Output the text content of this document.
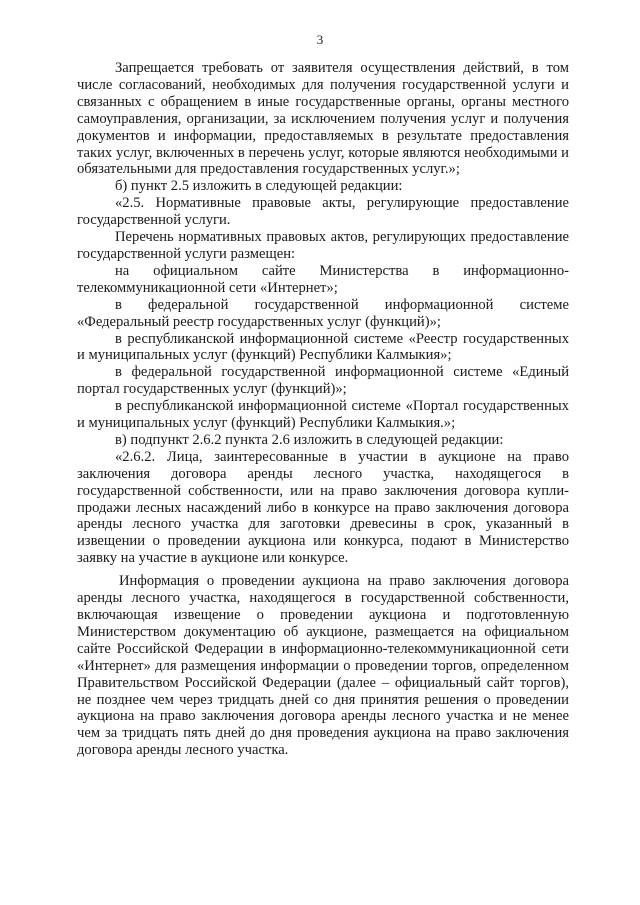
3

Запрещается требовать от заявителя осуществления действий, в том числе согласований, необходимых для получения государственной услуги и связанных с обращением в иные государственные органы, органы местного самоуправления, организации, за исключением получения услуг и получения документов и информации, предоставляемых в результате предоставления таких услуг, включенных в перечень услуг, которые являются необходимыми и обязательными для предоставления государственных услуг.»;

б) пункт 2.5 изложить в следующей редакции:

«2.5. Нормативные правовые акты, регулирующие предоставление государственной услуги.

Перечень нормативных правовых актов, регулирующих предоставление государственной услуги размещен:

на официальном сайте Министерства в информационно-телекоммуникационной сети «Интернет»;

в федеральной государственной информационной системе «Федеральный реестр государственных услуг (функций)»;

в республиканской информационной системе «Реестр государственных и муниципальных услуг (функций) Республики Калмыкия»;

в федеральной государственной информационной системе «Единый портал государственных услуг (функций)»;

в республиканской информационной системе «Портал государственных и муниципальных услуг (функций) Республики Калмыкия.»;

в) подпункт 2.6.2 пункта 2.6 изложить в следующей редакции:

«2.6.2. Лица, заинтересованные в участии в аукционе на право заключения договора аренды лесного участка, находящегося в государственной собственности, или на право заключения договора купли-продажи лесных насаждений либо в конкурсе на право заключения договора аренды лесного участка для заготовки древесины в срок, указанный в извещении о проведении аукциона или конкурса, подают в Министерство заявку на участие в аукционе или конкурсе.

Информация о проведении аукциона на право заключения договора аренды лесного участка, находящегося в государственной собственности, включающая извещение о проведении аукциона и подготовленную Министерством документацию об аукционе, размещается на официальном сайте Российской Федерации в информационно-телекоммуникационной сети «Интернет» для размещения информации о проведении торгов, определенном Правительством Российской Федерации (далее – официальный сайт торгов), не позднее чем через тридцать дней со дня принятия решения о проведении аукциона на право заключения договора аренды лесного участка и не менее чем за тридцать пять дней до дня проведения аукциона на право заключения договора аренды лесного участка.
